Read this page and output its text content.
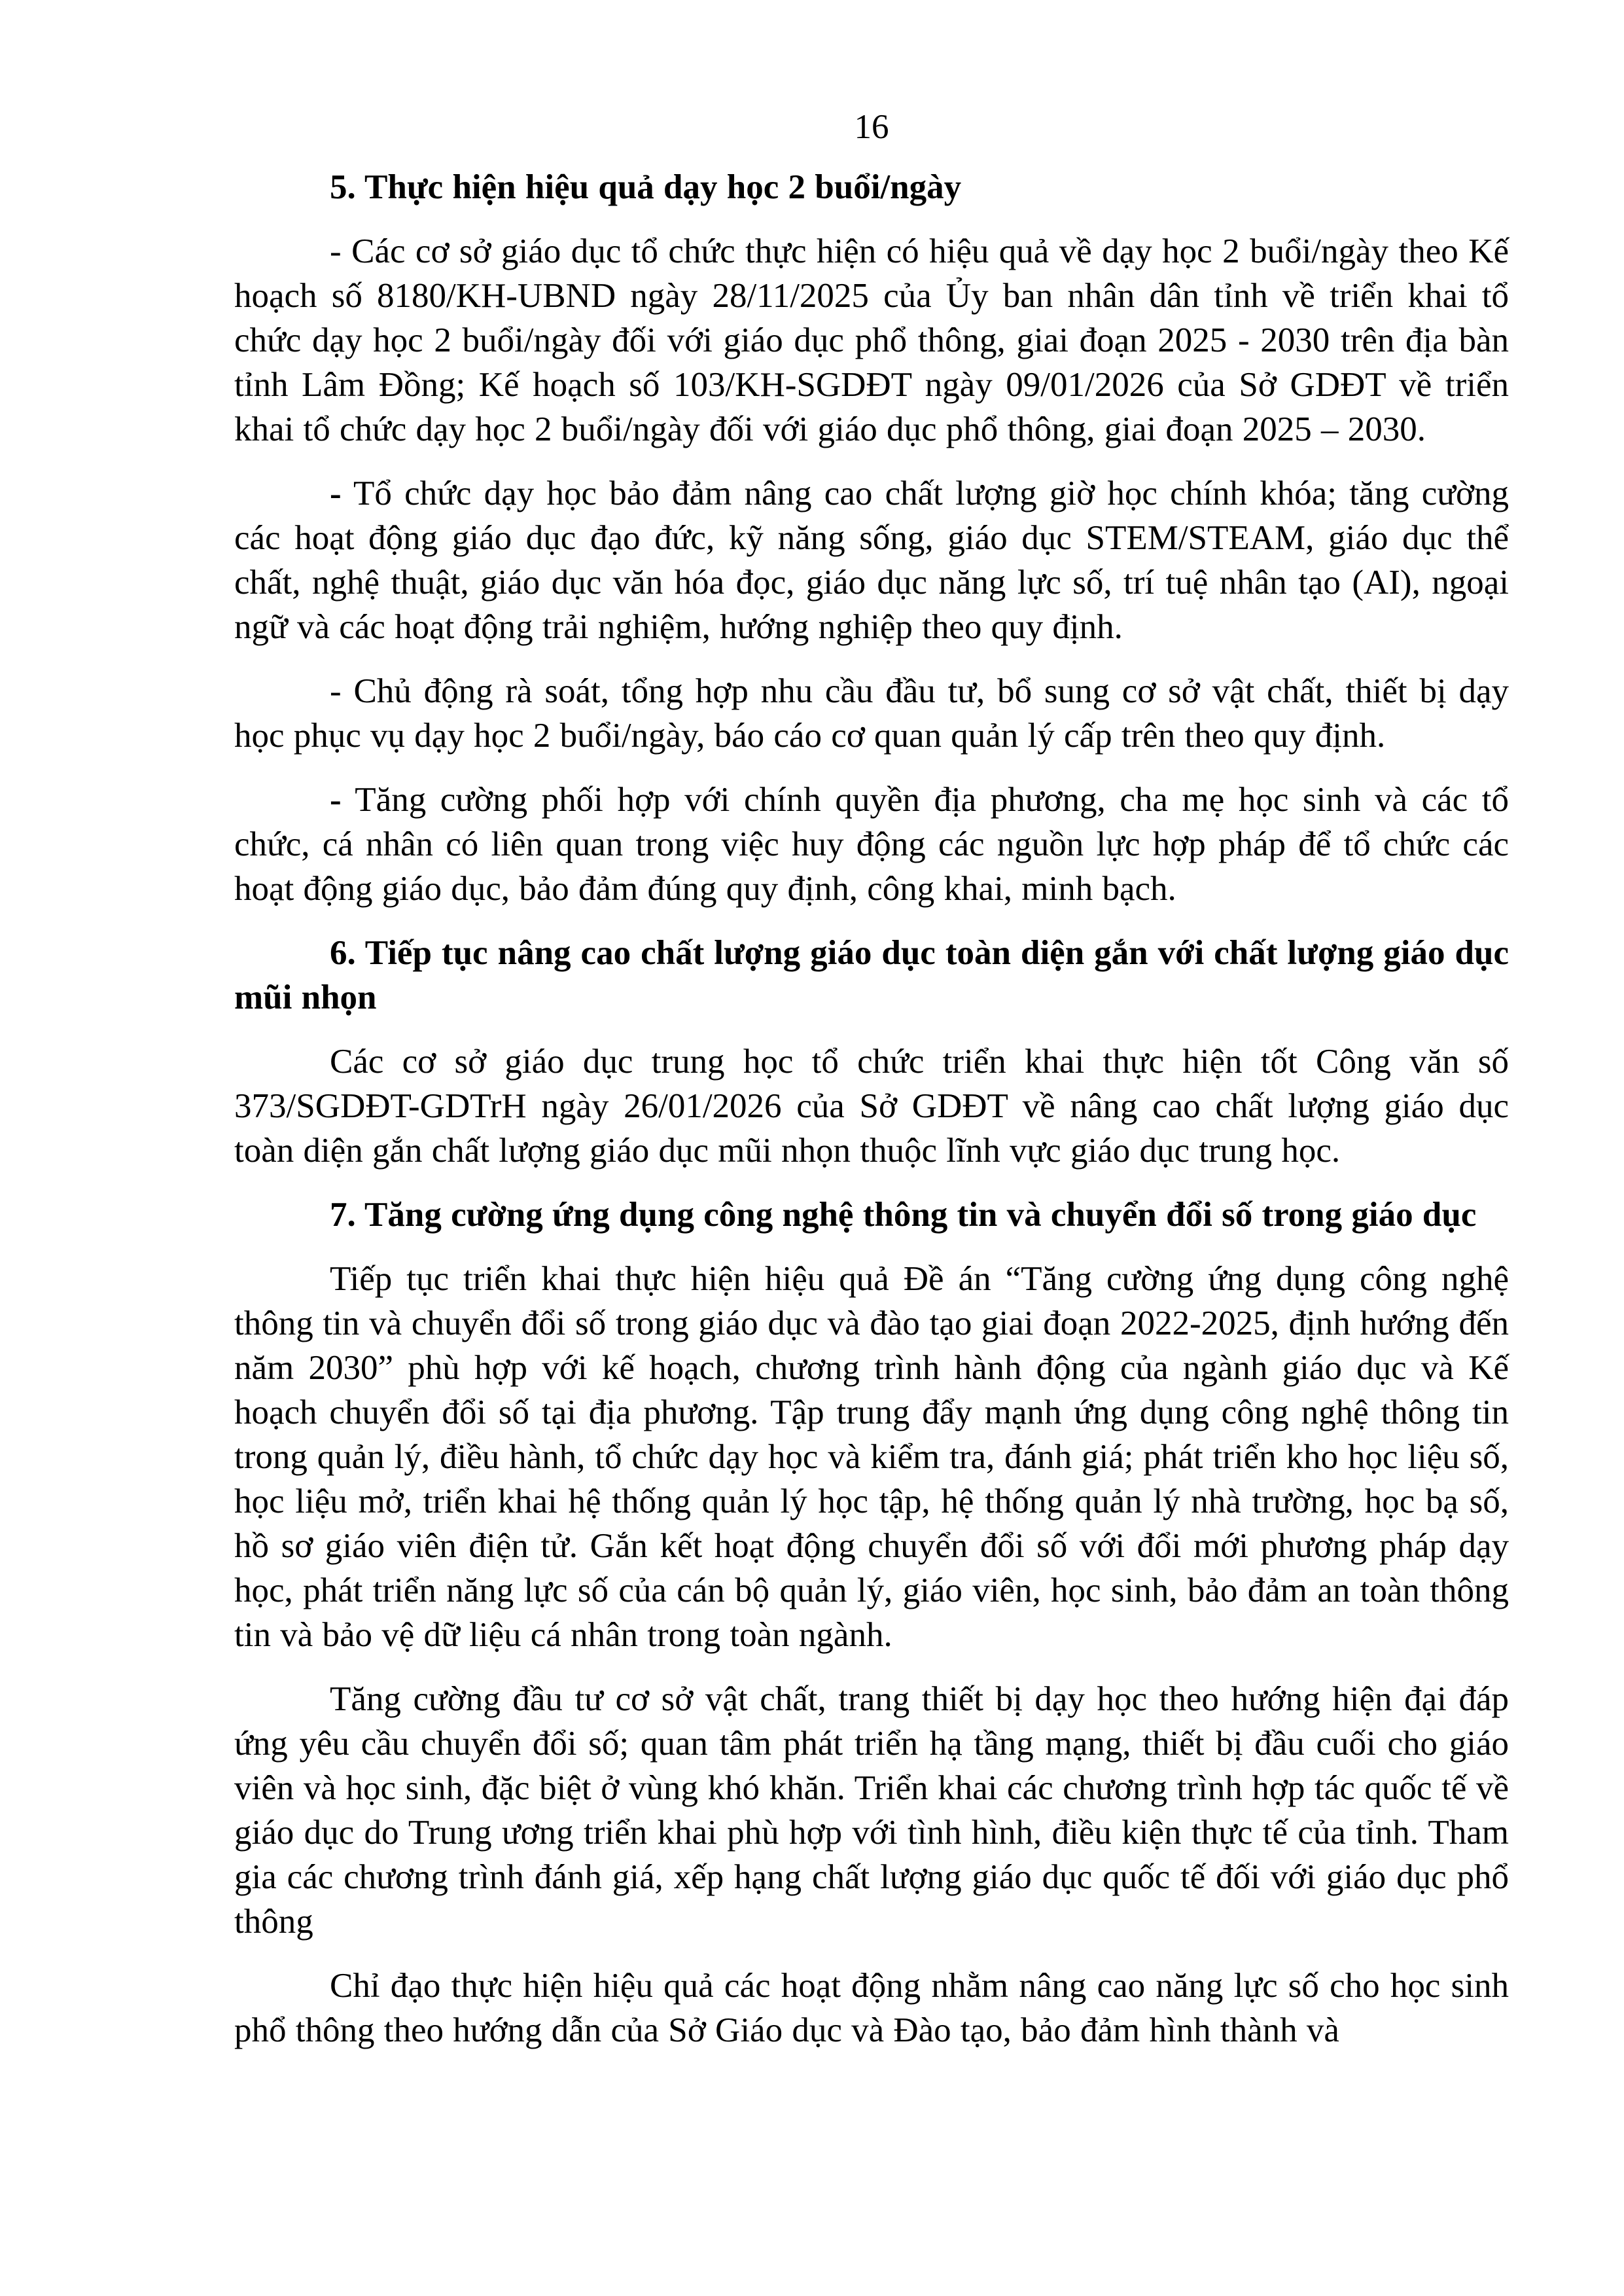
16

5. Thực hiện hiệu quả dạy học 2 buổi/ngày

- Các cơ sở giáo dục tổ chức thực hiện có hiệu quả về dạy học 2 buổi/ngày theo Kế hoạch số 8180/KH-UBND ngày 28/11/2025 của Ủy ban nhân dân tỉnh về triển khai tổ chức dạy học 2 buổi/ngày đối với giáo dục phổ thông, giai đoạn 2025 - 2030 trên địa bàn tỉnh Lâm Đồng; Kế hoạch số 103/KH-SGDĐT ngày 09/01/2026 của Sở GDĐT về triển khai tổ chức dạy học 2 buổi/ngày đối với giáo dục phổ thông, giai đoạn 2025 – 2030.

- Tổ chức dạy học bảo đảm nâng cao chất lượng giờ học chính khóa; tăng cường các hoạt động giáo dục đạo đức, kỹ năng sống, giáo dục STEM/STEAM, giáo dục thể chất, nghệ thuật, giáo dục văn hóa đọc, giáo dục năng lực số, trí tuệ nhân tạo (AI), ngoại ngữ và các hoạt động trải nghiệm, hướng nghiệp theo quy định.

- Chủ động rà soát, tổng hợp nhu cầu đầu tư, bổ sung cơ sở vật chất, thiết bị dạy học phục vụ dạy học 2 buổi/ngày, báo cáo cơ quan quản lý cấp trên theo quy định.

- Tăng cường phối hợp với chính quyền địa phương, cha mẹ học sinh và các tổ chức, cá nhân có liên quan trong việc huy động các nguồn lực hợp pháp để tổ chức các hoạt động giáo dục, bảo đảm đúng quy định, công khai, minh bạch.

6. Tiếp tục nâng cao chất lượng giáo dục toàn diện gắn với chất lượng giáo dục mũi nhọn

Các cơ sở giáo dục trung học tổ chức triển khai thực hiện tốt Công văn số 373/SGDĐT-GDTrH ngày 26/01/2026 của Sở GDĐT về nâng cao chất lượng giáo dục toàn diện gắn chất lượng giáo dục mũi nhọn thuộc lĩnh vực giáo dục trung học.

7. Tăng cường ứng dụng công nghệ thông tin và chuyển đổi số trong giáo dục

Tiếp tục triển khai thực hiện hiệu quả Đề án “Tăng cường ứng dụng công nghệ thông tin và chuyển đổi số trong giáo dục và đào tạo giai đoạn 2022-2025, định hướng đến năm 2030” phù hợp với kế hoạch, chương trình hành động của ngành giáo dục và Kế hoạch chuyển đổi số tại địa phương. Tập trung đẩy mạnh ứng dụng công nghệ thông tin trong quản lý, điều hành, tổ chức dạy học và kiểm tra, đánh giá; phát triển kho học liệu số, học liệu mở, triển khai hệ thống quản lý học tập, hệ thống quản lý nhà trường, học bạ số, hồ sơ giáo viên điện tử. Gắn kết hoạt động chuyển đổi số với đổi mới phương pháp dạy học, phát triển năng lực số của cán bộ quản lý, giáo viên, học sinh, bảo đảm an toàn thông tin và bảo vệ dữ liệu cá nhân trong toàn ngành.

Tăng cường đầu tư cơ sở vật chất, trang thiết bị dạy học theo hướng hiện đại đáp ứng yêu cầu chuyển đổi số; quan tâm phát triển hạ tầng mạng, thiết bị đầu cuối cho giáo viên và học sinh, đặc biệt ở vùng khó khăn. Triển khai các chương trình hợp tác quốc tế về giáo dục do Trung ương triển khai phù hợp với tình hình, điều kiện thực tế của tỉnh. Tham gia các chương trình đánh giá, xếp hạng chất lượng giáo dục quốc tế đối với giáo dục phổ thông

Chỉ đạo thực hiện hiệu quả các hoạt động nhằm nâng cao năng lực số cho học sinh phổ thông theo hướng dẫn của Sở Giáo dục và Đào tạo, bảo đảm hình thành và
